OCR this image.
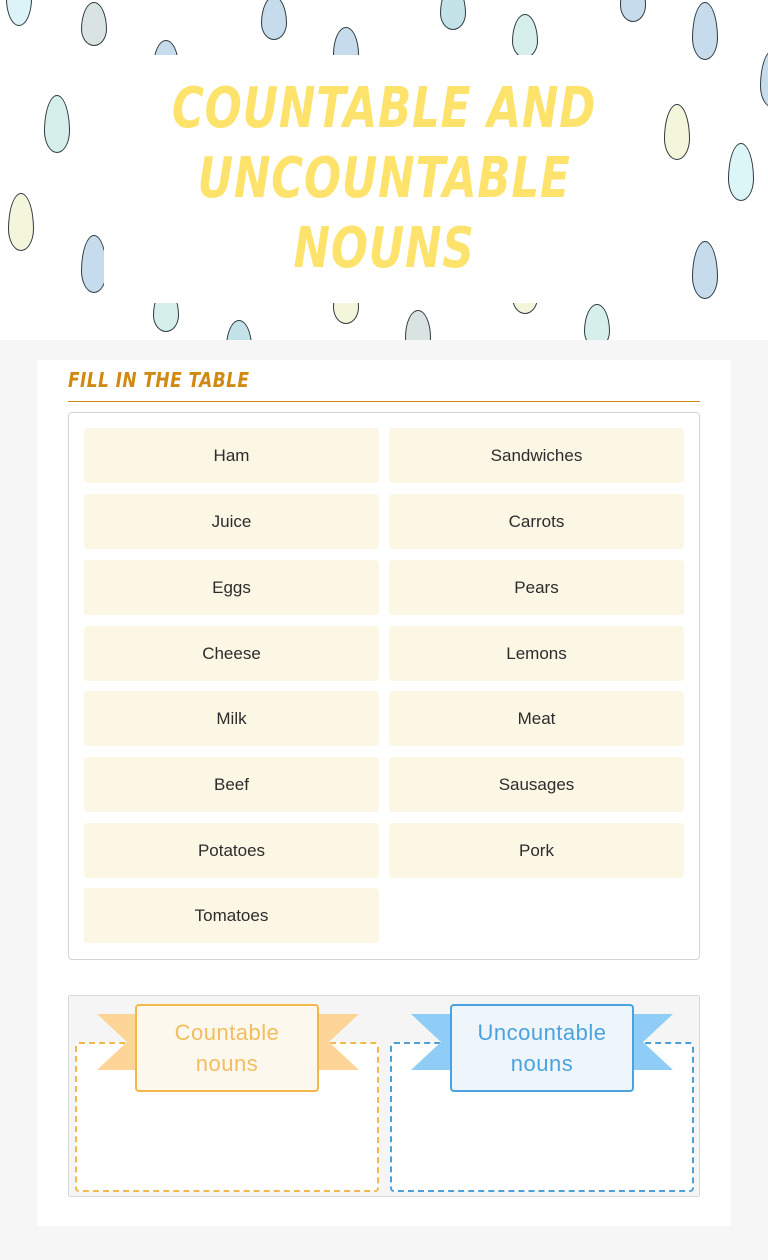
COUNTABLE AND
UNCOUNTABLE
NOUNS
FILL IN THE TABLE
Ham
Juice
Eggs
Cheese
Milk
Beef
Potatoes
Tomatoes
Sandwiches
Carrots
Pears
Lemons
Meat
Sausages
Pork
Countable
nouns
Uncountable
nouns
